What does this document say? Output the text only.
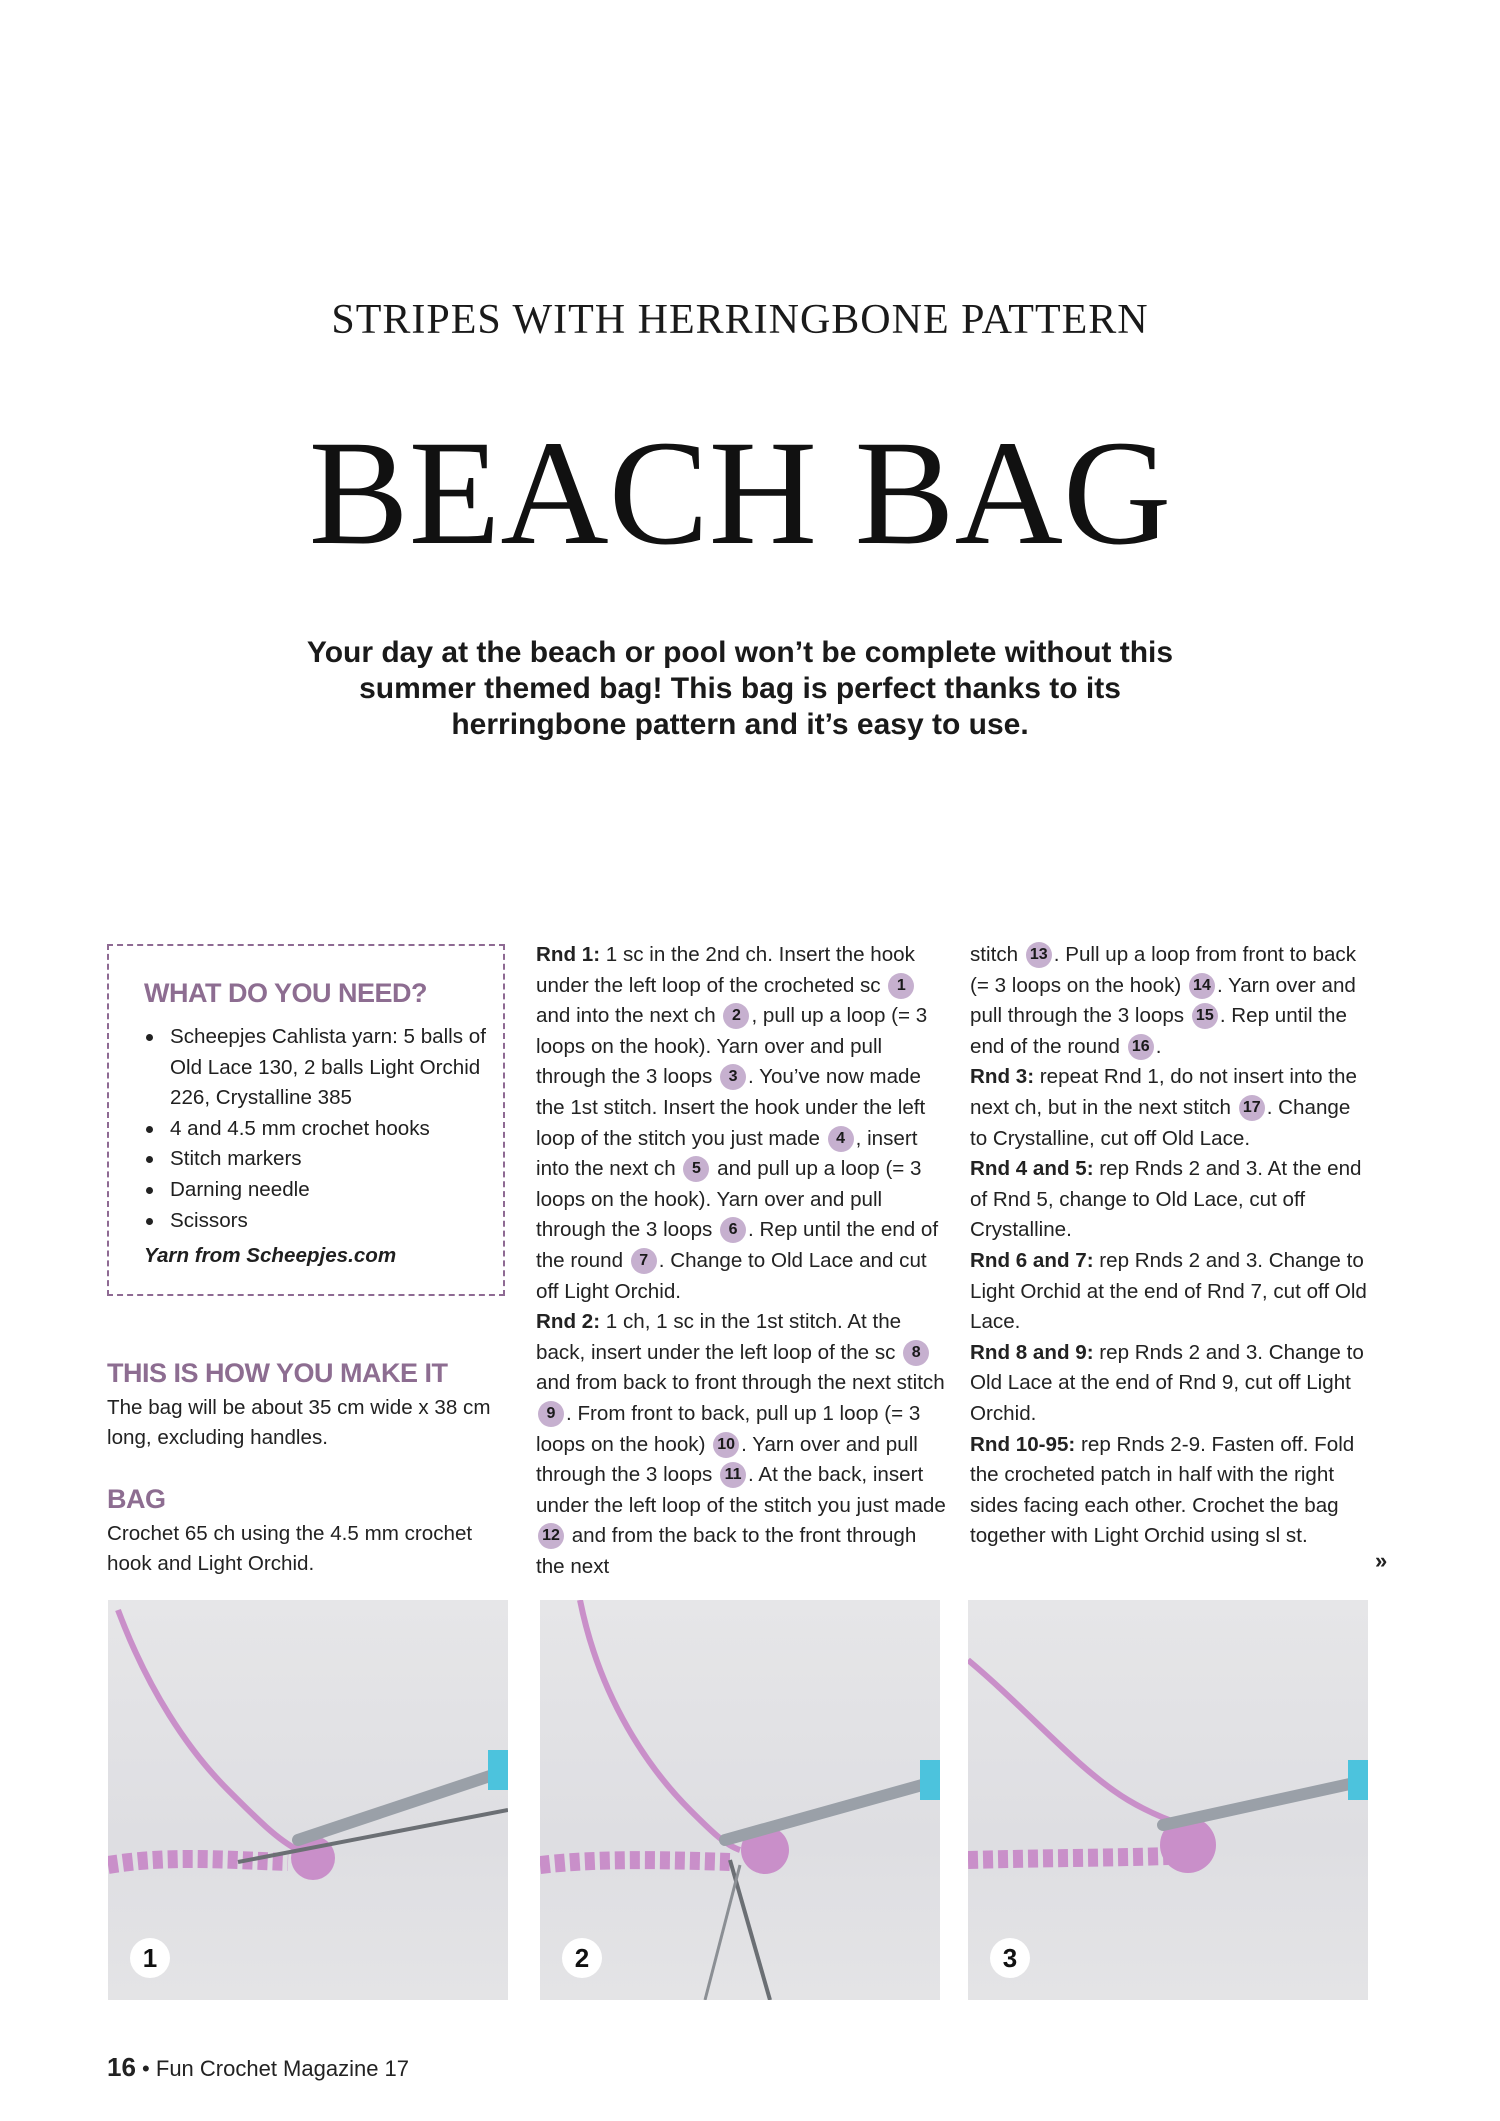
STRIPES WITH HERRINGBONE PATTERN
BEACH BAG
Your day at the beach or pool won’t be complete without this summer themed bag! This bag is perfect thanks to its herringbone pattern and it’s easy to use.
WHAT DO YOU NEED?
Scheepjes Cahlista yarn: 5 balls of Old Lace 130, 2 balls Light Orchid 226, Crystalline 385
4 and 4.5 mm crochet hooks
Stitch markers
Darning needle
Scissors
Yarn from Scheepjes.com
THIS IS HOW YOU MAKE IT

The bag will be about 35 cm wide x 38 cm long, excluding handles.

BAG

Crochet 65 ch using the 4.5 mm crochet hook and Light Orchid.

Rnd 1: 1 sc in the 2nd ch. Insert the hook under the left loop of the crocheted sc 1 and into the next ch 2 , pull up a loop (= 3 loops on the hook). Yarn over and pull through the 3 loops 3 . You’ve now made the 1st stitch. Insert the hook under the left loop of the stitch you just made 4 , insert into the next ch 5 and pull up a loop (= 3 loops on the hook). Yarn over and pull through the 3 loops 6 . Rep until the end of the round 7 . Change to Old Lace and cut off Light Orchid.

Rnd 2: 1 ch, 1 sc in the 1st stitch. At the back, insert under the left loop of the sc 8 and from back to front through the next stitch 9 . From front to back, pull up 1 loop (= 3 loops on the hook) 10 . Yarn over and pull through the 3 loops 11 . At the back, insert under the left loop of the stitch you just made 12 and from the back to the front through the next

stitch 13 . Pull up a loop from front to back (= 3 loops on the hook) 14 . Yarn over and pull through the 3 loops 15 . Rep until the end of the round 16 .

Rnd 3: repeat Rnd 1, do not insert into the next ch, but in the next stitch 17 . Change to Crystalline, cut off Old Lace.

Rnd 4 and 5: rep Rnds 2 and 3. At the end of Rnd 5, change to Old Lace, cut off Crystalline.

Rnd 6 and 7: rep Rnds 2 and 3. Change to Light Orchid at the end of Rnd 7, cut off Old Lace.

Rnd 8 and 9: rep Rnds 2 and 3. Change to Old Lace at the end of Rnd 9, cut off Light Orchid.

Rnd 10-95: rep Rnds 2-9. Fasten off. Fold the crocheted patch in half with the right sides facing each other. Crochet the bag together with Light Orchid using sl st.

»
1	2	3
16 • Fun Crochet Magazine 17
